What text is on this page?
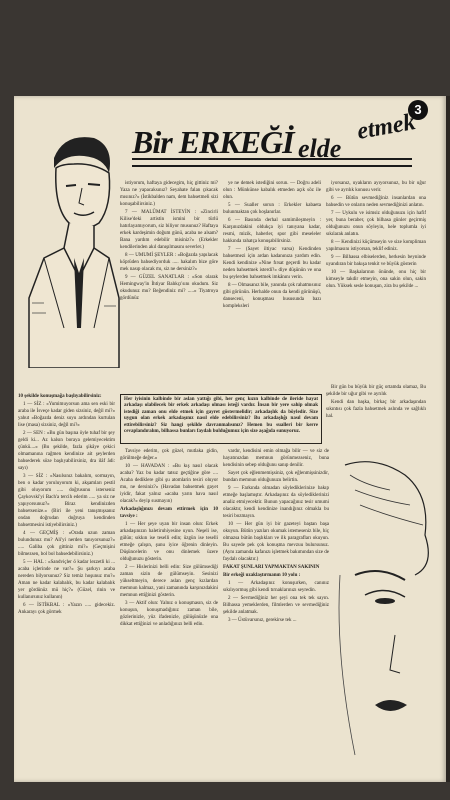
3
Bir ERKEĞİ elde
etmek

10 şekilde konuşmağa başlıyabilirsiniz:

1 — SİZ : «Yumimuyorsun ama sen eski bir araba ile İsveçe kadar giden sizsiniz, değil mi?» yahut «Boğazda deniz suyu ardından kurtulan lise (masa) sizsiniz, değil mi?»

2 — SEN : «Bu gün başına öyle tuhaf bir şey geldi ki... Az kalsın boraya gelemiyecektim çünkü....» (Bu şekilde, fazla şikâye çekici olmamanına rağmen kendinize ait şeylerden bahsederek söze başlıyabilirsiniz, dra ilâf âdi: sayı)

3 — SİZ : «Nasılsınız bakalım, sormayın, ben o kadar yoruluyorum ki, akşamları pestil gibi oluyorum ..... doğrusunu isterseniz Çaykovski'yi Bach'a tercih ederim ..... ya siz ne yapıyorsunuz?» Biraz kendinizden bahsetsenize.» (Biri ile yeni tanışmışsanız ondan doğrudan doğruya kendinden bahsetmesini istiyebilirsiniz.)

4 — GEÇMİŞ : «Orada uzun zaman bulundunuz mu? Ali'yi nerden tanıyorsunuz?» ..... Galiba çok gittiniz mi?» (Geçmişini bilmezsen, bol bol bahsedebilirsiniz.)

5 — HAL : «Sandviçler ö kadar lezzetli ki ... acaba içlerinde ne var?» Şu şarkıyı acaba nereden bilyorsunuz? Siz temiz hoşunuz mu?» Aman ne kadar kalabalık, bu kadar kalabalık yer gördünüz mü hiç?» (Güzel, rinin ve kullanırsınız kullanın)

6 — İSTİKBAL : «Yazın ..... gidecekiz. Ankarayı çok görmek

istiyorum, haftaya gidecegim, hiç gittiniz mi? Yaza ne yapacaksınız? Seyahate falan çıkacak mısınız?» (İstikbalden nam, dem bahsetmeli sizi konuşabilirsiniz.)

7 — MALÛMAT İSTEYİN : «Zincirli Kilise'deki artistin ismini bir türlü hatırlayamıyorum, siz biliyor musunuz? Haftaya erkek kardeşimin doğum günü, acaba ne alsam? Bana yardım edebilir misiniz?» (Erkekler kendilerinden akıl danışılmasını severler.)

8 — UMUMİ ŞEYLER : «Boğazda yapılacak köprüden bahsediyorduk ..... hakalım bize göre mek nasıp olacak mı, siz ne dersiniz?»

9 — GÜZEL SANATLAR : «Son olarak Hemingway'in İhtiyar Balıkçı'sını okudum. Siz okudunuz mu? Beğendiniz mi? .....» Tiyatroya gördünüz

ye ne demek istediğini sorun. — Doğru adeli olun : Münkünse kabalık etmeden açık söz ile olun.

5 — Sualler sorun : Erkekler kabaeta bulunmaktan çok hoşlanırlar.

6 — Basında derhal samimileşmeyin : Karşınızdakini oldukça iyi tanıyana kadar, resmi, mizik, haberler, spor gibi meseleler hakkında rahatça konuşabilirsiniz.

7 — (Sayet iltiyac varsa) Kendinden bahsetmezi için ardan kadanınıza yardım edin. Kendi kendinize «Nine fırsat geçerdi bu kadar neden bahsetmek isterdi?» diye düşünün ve ona bu şeylerden bahsetmek imkânını verin.

8 — Olmasanız bile, yanında çok rahatmısınız gibi görünün. Herhalde onun da kendi görünüşü, danseceni, konuşması hususunda bazı kompleksleri

iyorsanız, uyakların ayıyorsunuz, bu bir uğur gibi ve ayrılık konusu verir.

6 — Bütün sevmediğiniz insanlardan ona bahsedin ve onların neden sevmediğinizi anlatın.

7 — Uykulu ve isimsiz olduğunuzu için hafif yer, buna beraber, çok bilhasa günler geçirmiş olduğunuzu onun söyleyin, hele toplumla iyi sıkılarak anlatın.

8 — Kendinizi küçümseyin ve size kompliman yapılmasını istiyorsan, teklif ediniz.

9 — Bilhassa elbiselerden, herkesin beyninde uyandıran bir bakışa tenkit ve büyük gösterin

10 — Başkalarının önünde, onu hiç bir kimseyle takdir etmeyin, ona sakin olun, sakin olun. Yüksek sesle konuşun, zira bu şekilde ...

Bir gün bu büyük bir güç ortamda olamaz, Bu şekilde bir uğur gibi ve ayrılık

Kendi dan başka, birkaç bir arkadaşından sıkıntısı çok fazla bahsetmek aslında ve sağlıklı hal.

Her iyisinin kalbinde bir aslan yattığı gibi, her genç kızın kalbinde de ileride hayat arkadaşı olabilecek bir erkek arkadaşı olması isteği vardır. İnsan bir yere sahip olmak istediği zaman onu elde etmek için gayret göstermelidir; arkadaşlık da böyledir. Size uygun olan erkek arkadaşınız nasıl elde edebilirsiniz? Bu arkadaşlığı nasıl devam ettirebilirsiniz? Siz hangi şekilde davranmalısınız? Hemen bu sualleri bir kerre cevaplandıralım, bilhassa bunları faydalı bulduğumuz için size aşağıda sunuyoruz.

Tavsiye ederim, çok güzel, mutlaka gidin, görülmeğe değer.»

10 — HAVADAN : «Bu kış nasıl olacak acaba? Yaz bu kadar tatsız geçtiğine göre .... Acaba dediklere gibi şu atomlarin tesiri oluyor mu, ne dersiniz?» (Havadan bahsetmek gayet iyidir, fakat yalnız «acaba yarın hava nasıl olacak?» deyip susmayın)

Arkadaşlığınızı devam ettirmek için 10 tavsiye :

1 — Her şeye uyan bir insan olun: Erkek arkadaşınızın haletiruhiyesine uyun. Neşeli ise, gülün; sıkkın ise teselli edin; üzgün ise teselli etmeğe çalışın, şunu iyice öğrenin dinleyin. Düşüncelerin ve onu dinlemek üzere olduğunuzu gösterin.

2 — Hislerinizi belli edin: Size gülümsediği zaman sizin de gülümseyin. Sesinizi yükseltmeyin, derece aslan genç kızlardan memnun kalmaz, yani zamanında karşınızdakini memnun ettiğinizi gösterin.

3 — Aktif olun: Yalnız o konuşmasın, siz de konuşun, konuşmadığınız zaman bile, gözlerinizle, yüz ifadenizle, gülüşünüzle ona dikkat ettiğinizi ve anladığınızı belli edin.

vardır, kendisini emin olmağa bilir — ve siz de hayatınızdan memnun görünmezseniz, buna kendisinin sebep olduğunu sanıp denilir.

Sayet çok eğlenmemişsiniz, çok eğlenmişsinizdir, bundan memnun olduğunuzu belirtin.

9 — Farkında olmadan söylediklerinize bakıp etmeğe başlamıştır. Arkadaşınız da söylediklerinizi analiz etmiyecektir. Bunun yapacağınız tesir umumi olacaktır, kendi kendinize inandığınız olmakla bu tesiri bozmayın.

10 — Her gün iyi bir gazeteyi baştan başa okuyun. Bütün yazıları okumak istemeseniz bile, hiç olmazsa bütün başlıkları ve ilk paragrafları okuyun. Bu sayede pek çok konuşma mevzuu bulursunuz. (Aynı zamanda kafanızı işletmek bakımından size de faydalı olacaktır.)

FAKAT ŞUNLARI YAPMAKTAN SAKININ

Bir erkeği uzaklaştırmanın 10 yolu :

1 — Arkadaşınız konuşurken, canınız sıkılıyormuş gibi kendi tırnaklarınızı seyredin.

2 — Sevmediğiniz her şeyi ona tek tek sayın. Bilhassa yemeklerden, filmlerden ve sevmediğiniz şekilde anlatmak.

3 — Üstüvarsınız, gerekirse tek ...
